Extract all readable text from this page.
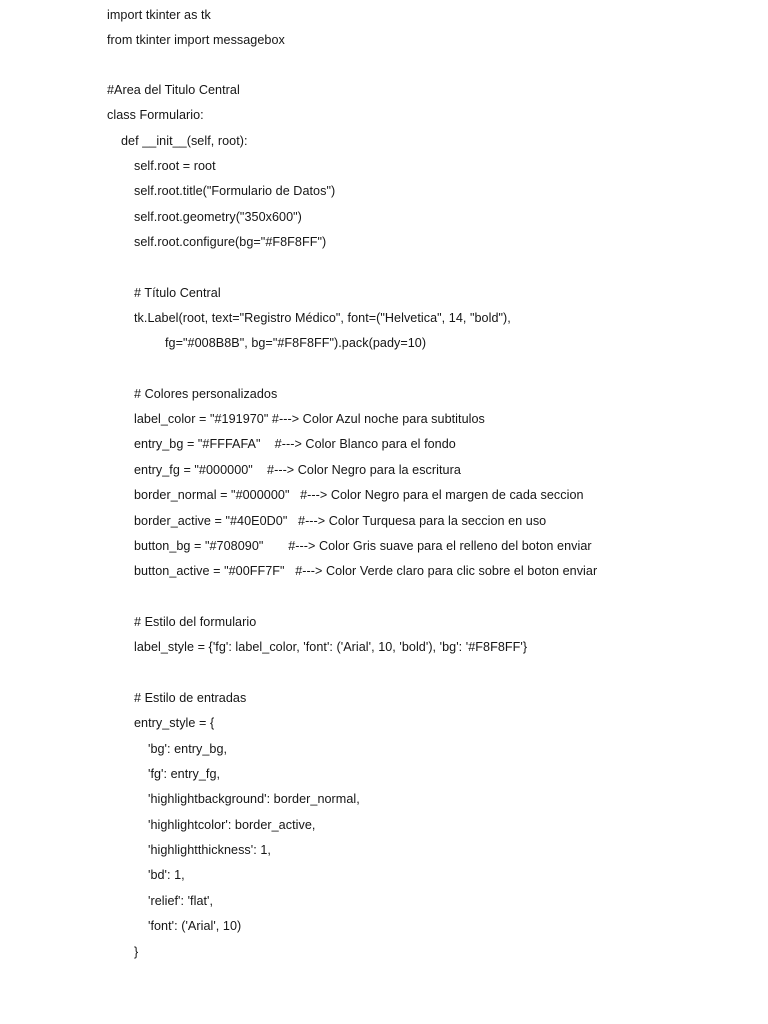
import tkinter as tk
from tkinter import messagebox
#Area del Titulo Central
class Formulario:
def __init__(self, root):
self.root = root
self.root.title("Formulario de Datos")
self.root.geometry("350x600")
self.root.configure(bg="#F8F8FF")
# Título Central
tk.Label(root, text="Registro Médico", font=("Helvetica", 14, "bold"),
fg="#008B8B", bg="#F8F8FF").pack(pady=10)
# Colores personalizados
label_color = "#191970" #---> Color Azul noche para subtitulos
entry_bg = "#FFFAFA"    #---> Color Blanco para el fondo
entry_fg = "#000000"    #---> Color Negro para la escritura
border_normal = "#000000"   #---> Color Negro para el margen de cada seccion
border_active = "#40E0D0"   #---> Color Turquesa para la seccion en uso
button_bg = "#708090"       #---> Color Gris suave para el relleno del boton enviar
button_active = "#00FF7F"   #---> Color Verde claro para clic sobre el boton enviar
# Estilo del formulario
label_style = {'fg': label_color, 'font': ('Arial', 10, 'bold'), 'bg': '#F8F8FF'}
# Estilo de entradas
entry_style = {
'bg': entry_bg,
'fg': entry_fg,
'highlightbackground': border_normal,
'highlightcolor': border_active,
'highlightthickness': 1,
'bd': 1,
'relief': 'flat',
'font': ('Arial', 10)
}
